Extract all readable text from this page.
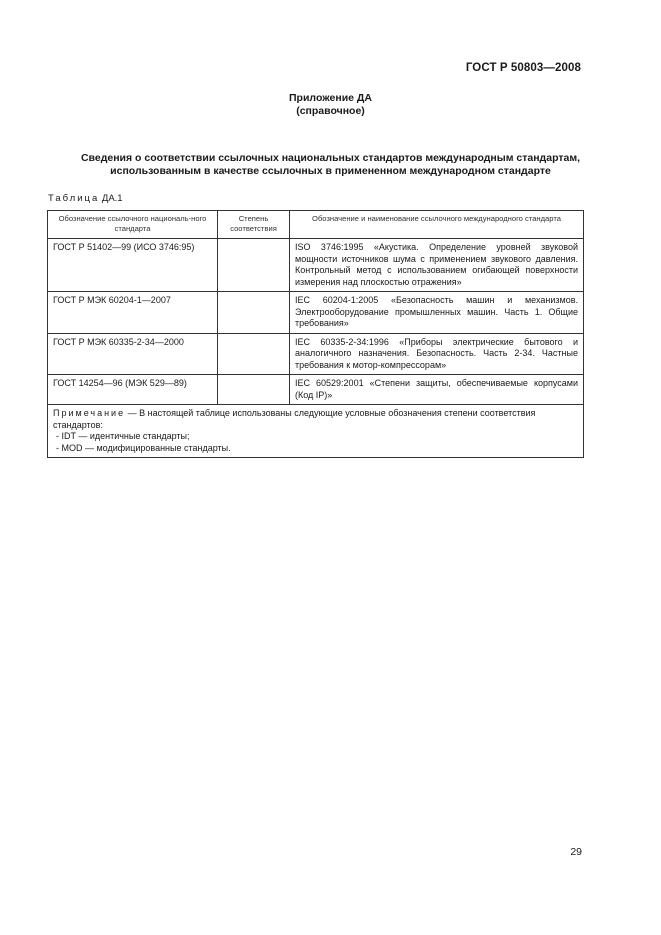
ГОСТ Р 50803—2008
Приложение ДА
(справочное)
Сведения о соответствии ссылочных национальных стандартов международным стандартам,
использованным в качестве ссылочных в примененном международном стандарте
Таблица ДА.1
Обозначение ссылочного националь-ного стандарта	Степень соответствия	Обозначение и наименование ссылочного международного стандарта
ГОСТ Р 51402—99 (ИСО 3746:95)		ISO 3746:1995 «Акустика. Определение уровней звуковой мощности источников шума с применением звукового давления. Контрольный метод с использованием огибающей поверхности измерения над плоскостью отражения»
ГОСТ Р МЭК 60204-1—2007		IEC 60204-1:2005 «Безопасность машин и механизмов. Электрооборудование промышленных машин. Часть 1. Общие требования»
ГОСТ Р МЭК 60335-2-34—2000		IEC 60335-2-34:1996 «Приборы электрические бытового и аналогичного назначения. Безопасность. Часть 2-34. Частные требования к мотор-компрессорам»
ГОСТ 14254—96 (МЭК 529—89)		IEC 60529:2001 «Степени защиты, обеспечиваемые корпусами (Код IP)»
Примечание — В настоящей таблице использованы следующие условные обозначения степени соответствия стандартов:
- IDT — идентичные стандарты;
- MOD — модифицированные стандарты.		
29
